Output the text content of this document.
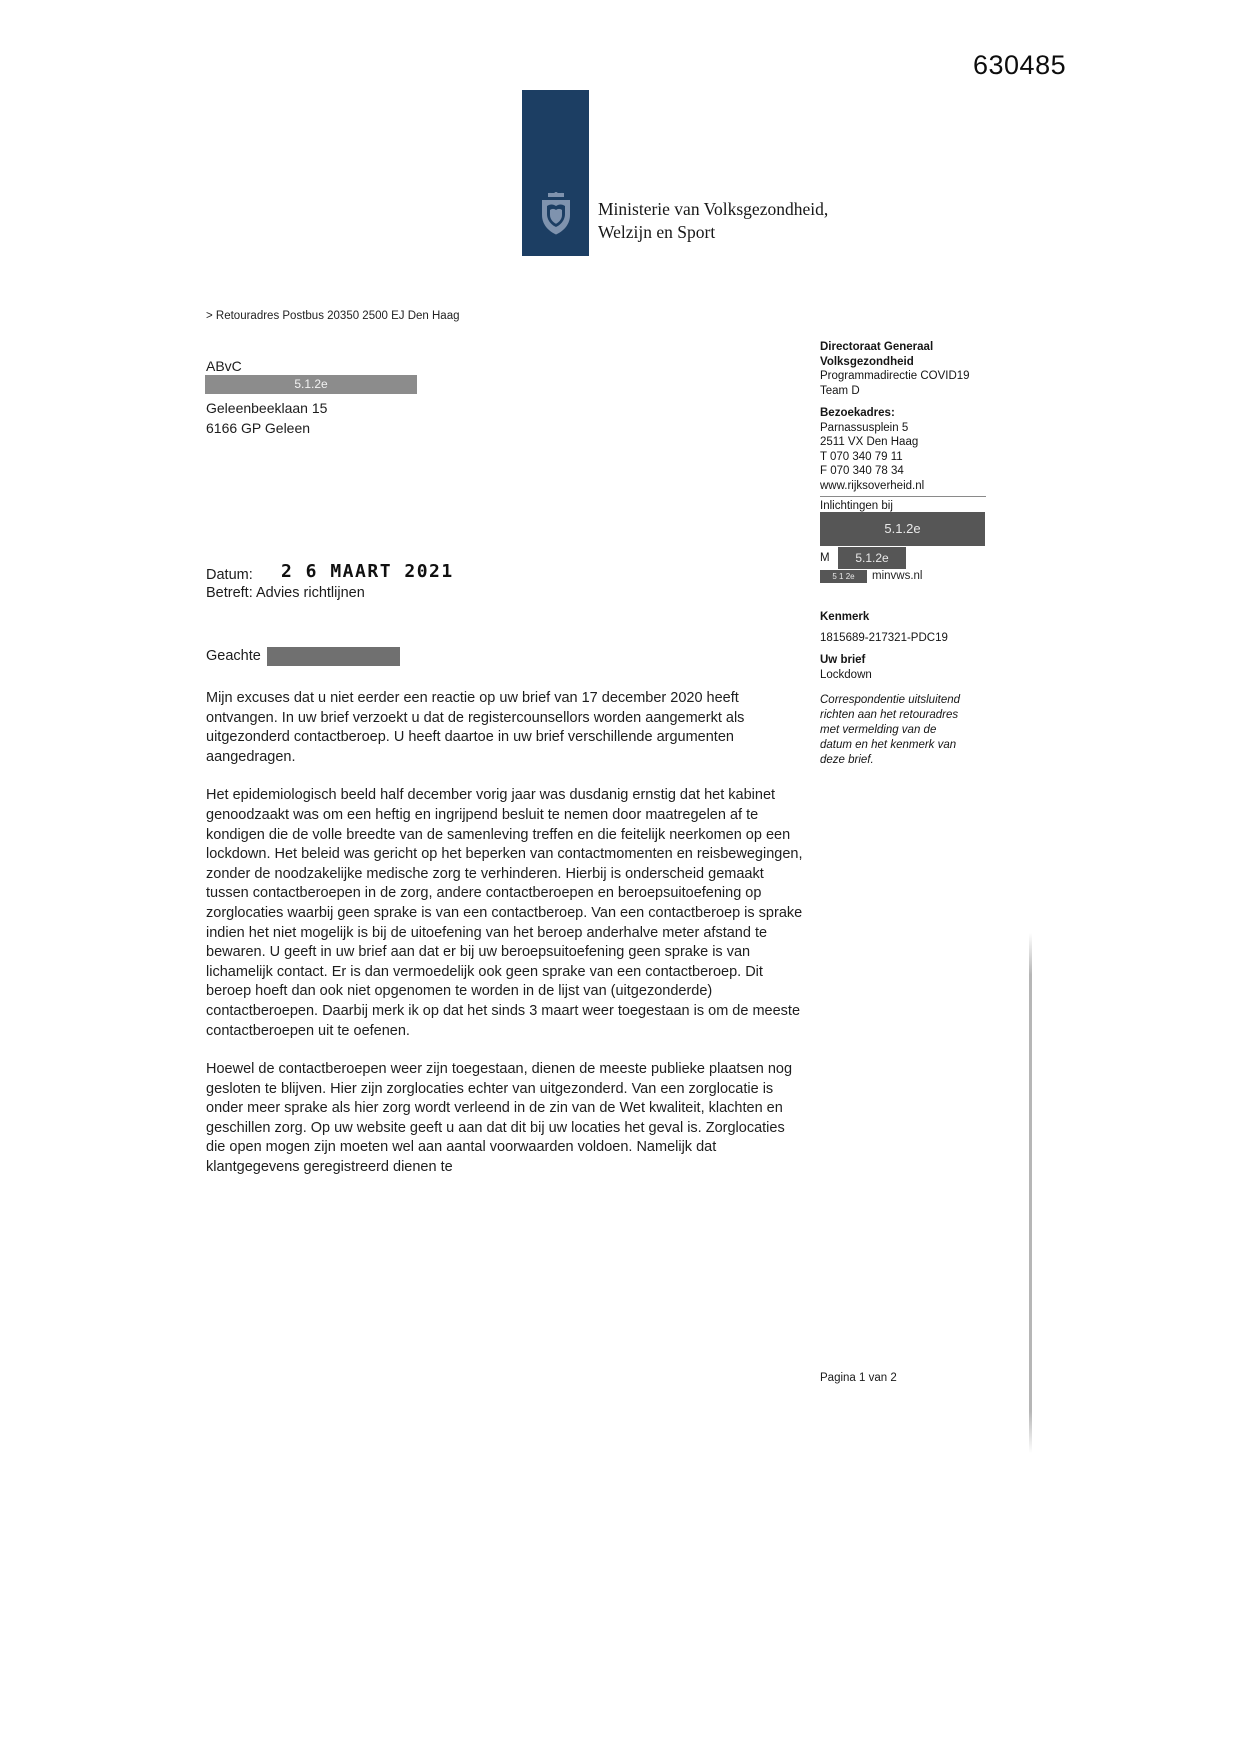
630485
Ministerie van Volksgezondheid,
Welzijn en Sport
> Retouradres Postbus 20350 2500 EJ Den Haag
ABvC
5.1.2e
Geleenbeeklaan 15
6166 GP Geleen
Directoraat Generaal
Volksgezondheid
Programmadirectie COVID19
Team D
Bezoekadres:
Parnassusplein 5
2511 VX Den Haag
T 070 340 79 11
F 070 340 78 34
www.rijksoverheid.nl
Inlichtingen bij
5.1.2e
M	5.1.2e
5 1 2e	minvws.nl
Kenmerk
1815689-217321-PDC19
Uw brief
Lockdown
Correspondentie uitsluitend richten aan het retouradres met vermelding van de datum en het kenmerk van deze brief.
Datum: 2 6 MAART 2021
Betreft: Advies richtlijnen
Geachte

Mijn excuses dat u niet eerder een reactie op uw brief van 17 december 2020 heeft ontvangen. In uw brief verzoekt u dat de registercounsellors worden aangemerkt als uitgezonderd contactberoep. U heeft daartoe in uw brief verschillende argumenten aangedragen.

Het epidemiologisch beeld half december vorig jaar was dusdanig ernstig dat het kabinet genoodzaakt was om een heftig en ingrijpend besluit te nemen door maatregelen af te kondigen die de volle breedte van de samenleving treffen en die feitelijk neerkomen op een lockdown. Het beleid was gericht op het beperken van contactmomenten en reisbewegingen, zonder de noodzakelijke medische zorg te verhinderen. Hierbij is onderscheid gemaakt tussen contactberoepen in de zorg, andere contactberoepen en beroepsuitoefening op zorglocaties waarbij geen sprake is van een contactberoep. Van een contactberoep is sprake indien het niet mogelijk is bij de uitoefening van het beroep anderhalve meter afstand te bewaren. U geeft in uw brief aan dat er bij uw beroepsuitoefening geen sprake is van lichamelijk contact. Er is dan vermoedelijk ook geen sprake van een contactberoep. Dit beroep hoeft dan ook niet opgenomen te worden in de lijst van (uitgezonderde) contactberoepen. Daarbij merk ik op dat het sinds 3 maart weer toegestaan is om de meeste contactberoepen uit te oefenen.

Hoewel de contactberoepen weer zijn toegestaan, dienen de meeste publieke plaatsen nog gesloten te blijven. Hier zijn zorglocaties echter van uitgezonderd. Van een zorglocatie is onder meer sprake als hier zorg wordt verleend in de zin van de Wet kwaliteit, klachten en geschillen zorg. Op uw website geeft u aan dat dit bij uw locaties het geval is. Zorglocaties die open mogen zijn moeten wel aan aantal voorwaarden voldoen. Namelijk dat klantgegevens geregistreerd dienen te

Pagina 1 van 2
